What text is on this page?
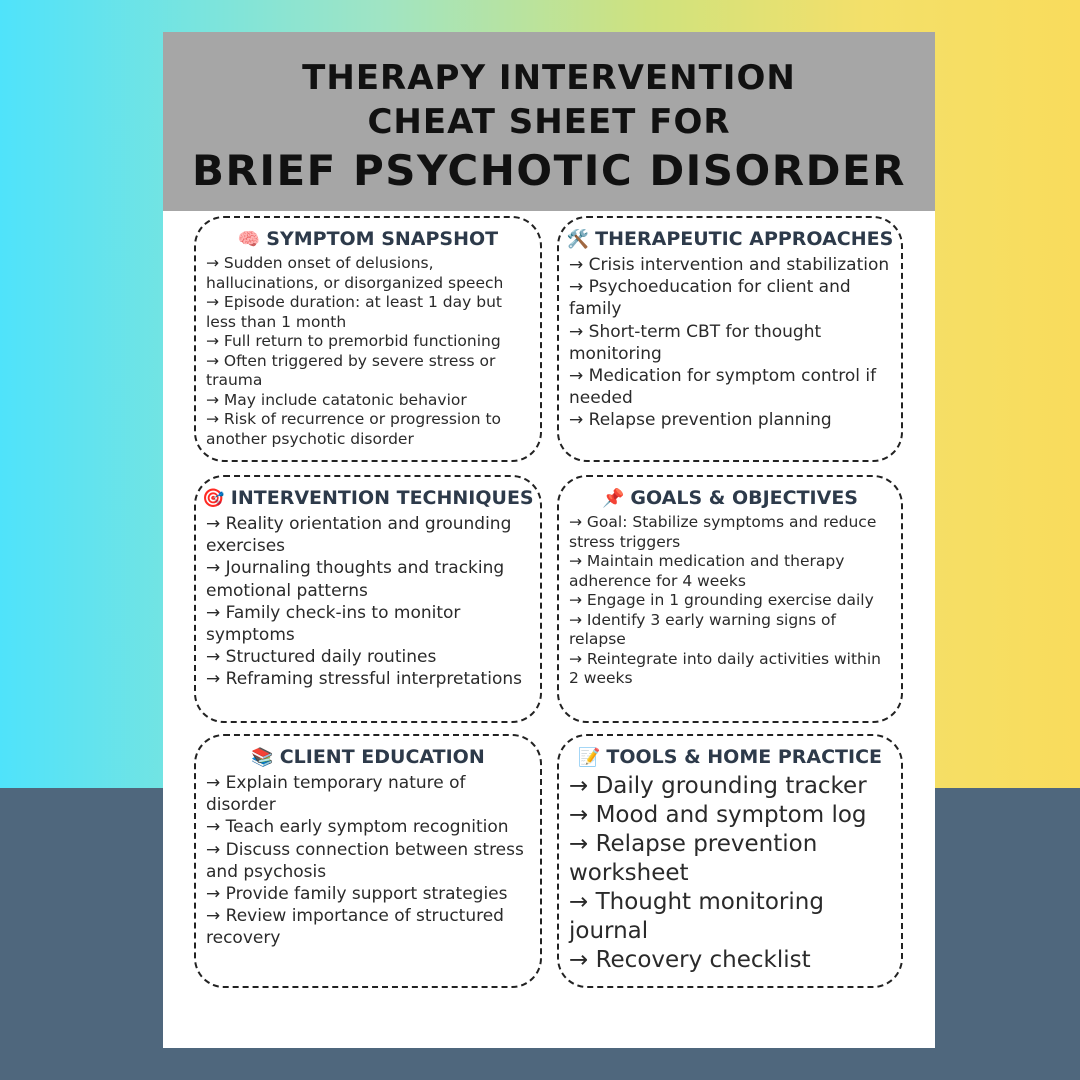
THERAPY INTERVENTION
CHEAT SHEET FOR
BRIEF PSYCHOTIC DISORDER
🧠 SYMPTOM SNAPSHOT
→ Sudden onset of delusions, hallucinations, or disorganized speech
→ Episode duration: at least 1 day but less than 1 month
→ Full return to premorbid functioning
→ Often triggered by severe stress or trauma
→ May include catatonic behavior
→ Risk of recurrence or progression to another psychotic disorder
🛠️ THERAPEUTIC APPROACHES
→ Crisis intervention and stabilization
→ Psychoeducation for client and family
→ Short-term CBT for thought monitoring
→ Medication for symptom control if needed
→ Relapse prevention planning
🎯 INTERVENTION TECHNIQUES
→ Reality orientation and grounding exercises
→ Journaling thoughts and tracking emotional patterns
→ Family check-ins to monitor symptoms
→ Structured daily routines
→ Reframing stressful interpretations
📌 GOALS & OBJECTIVES
→ Goal: Stabilize symptoms and reduce stress triggers
→ Maintain medication and therapy adherence for 4 weeks
→ Engage in 1 grounding exercise daily
→ Identify 3 early warning signs of relapse
→ Reintegrate into daily activities within 2 weeks
📚 CLIENT EDUCATION
→ Explain temporary nature of disorder
→ Teach early symptom recognition
→ Discuss connection between stress and psychosis
→ Provide family support strategies
→ Review importance of structured recovery
📝 TOOLS & HOME PRACTICE
→ Daily grounding tracker
→ Mood and symptom log
→ Relapse prevention worksheet
→ Thought monitoring journal
→ Recovery checklist
